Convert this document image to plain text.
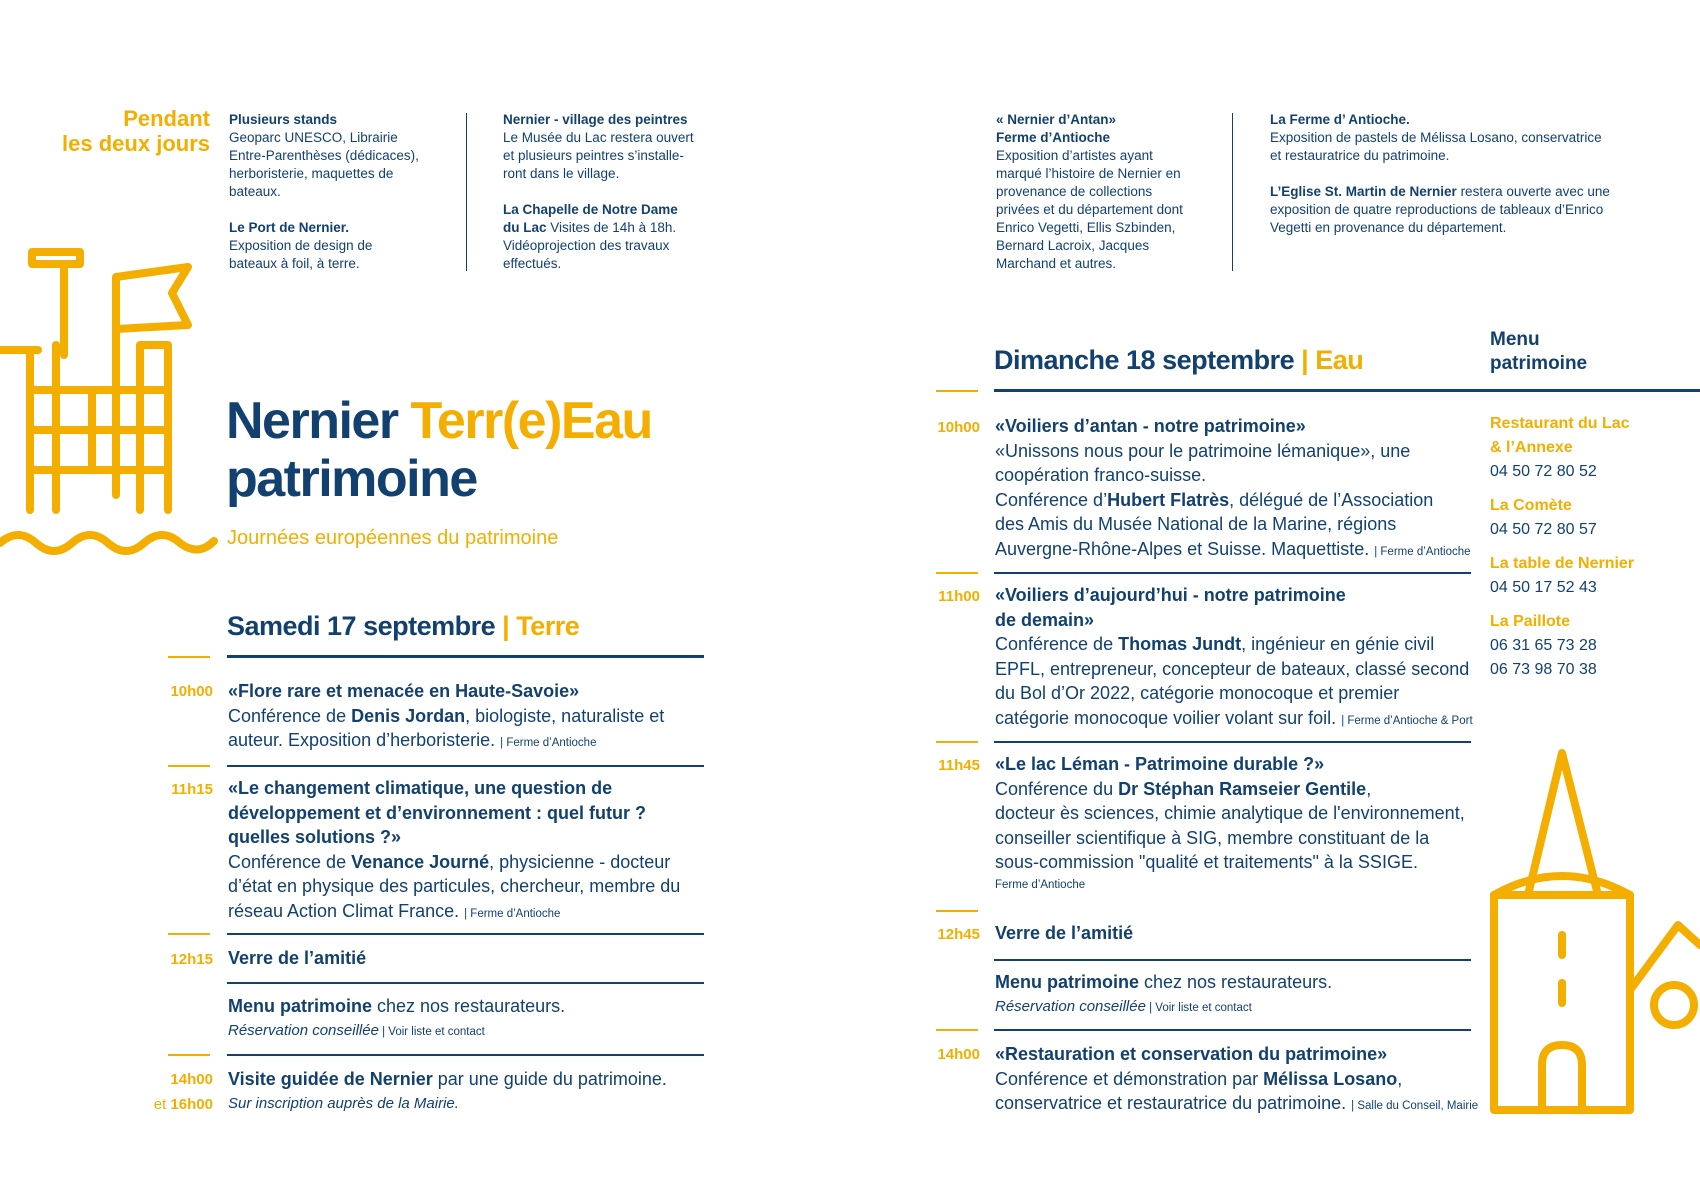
Pendant
les deux jours
Plusieurs stands
Geoparc UNESCO, Librairie
Entre-Parenthèses (dédicaces),
herboristerie, maquettes de
bateaux.
Le Port de Nernier.
Exposition de design de
bateaux à foil, à terre.
Nernier - village des peintres
Le Musée du Lac restera ouvert
et plusieurs peintres s’installe-
ront dans le village.
La Chapelle de Notre Dame
du Lac Visites de 14h à 18h.
Vidéoprojection des travaux
effectués.
« Nernier d’Antan»
Ferme d’Antioche
Exposition d’artistes ayant
marqué l’histoire de Nernier en
provenance de collections
privées et du département dont
Enrico Vegetti, Ellis Szbinden,
Bernard Lacroix, Jacques
Marchand et autres.
La Ferme d’ Antioche.
Exposition de pastels de Mélissa Losano, conservatrice
et restauratrice du patrimoine.
L’Eglise St. Martin de Nernier restera ouverte avec une
exposition de quatre reproductions de tableaux d’Enrico
Vegetti en provenance du département.
Nernier Terr(e)Eau
patrimoine
Journées européennes du patrimoine
Samedi 17 septembre | Terre
10h00 «Flore rare et menacée en Haute-Savoie»
Conférence de Denis Jordan, biologiste, naturaliste et
auteur. Exposition d’herboristerie. | Ferme d’Antioche
11h15 «Le changement climatique, une question de
développement et d’environnement : quel futur ?
quelles solutions ?»
Conférence de Venance Journé, physicienne - docteur
d’état en physique des particules, chercheur, membre du
réseau Action Climat France. | Ferme d’Antioche
12h15 Verre de l’amitié
Menu patrimoine chez nos restaurateurs.
Réservation conseillée | Voir liste et contact
14h00
et 16h00
Visite guidée de Nernier par une guide du patrimoine.
Sur inscription auprès de la Mairie.
Dimanche 18 septembre | Eau
10h00 «Voiliers d’antan - notre patrimoine»
«Unissons nous pour le patrimoine lémanique», une
coopération franco-suisse.
Conférence d’Hubert Flatrès, délégué de l’Association
des Amis du Musée National de la Marine, régions
Auvergne-Rhône-Alpes et Suisse. Maquettiste. | Ferme d’Antioche
11h00 «Voiliers d’aujourd’hui - notre patrimoine
de demain»
Conférence de Thomas Jundt, ingénieur en génie civil
EPFL, entrepreneur, concepteur de bateaux, classé second
du Bol d’Or 2022, catégorie monocoque et premier
catégorie monocoque voilier volant sur foil. | Ferme d’Antioche & Port
11h45 «Le lac Léman - Patrimoine durable ?»
Conférence du Dr Stéphan Ramseier Gentile,
docteur ès sciences, chimie analytique de l'environnement,
conseiller scientifique à SIG, membre constituant de la
sous-commission "qualité et traitements" à la SSIGE.
Ferme d’Antioche
12h45 Verre de l’amitié
Menu patrimoine chez nos restaurateurs.
Réservation conseillée | Voir liste et contact
14h00 «Restauration et conservation du patrimoine»
Conférence et démonstration par Mélissa Losano,
conservatrice et restauratrice du patrimoine. | Salle du Conseil, Mairie
Menu
patrimoine
Restaurant du Lac
& l’Annexe
04 50 72 80 52
La Comète
04 50 72 80 57
La table de Nernier
04 50 17 52 43
La Paillote
06 31 65 73 28
06 73 98 70 38
